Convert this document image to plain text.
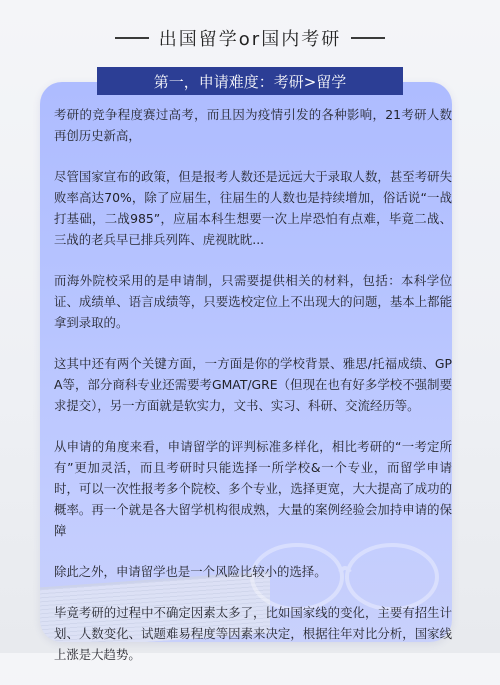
出国留学or国内考研
第一，申请难度：考研>留学

考研的竞争程度赛过高考，而且因为疫情引发的各种影响，21考研人数再创历史新高，

尽管国家宣布的政策，但是报考人数还是远远大于录取人数，甚至考研失败率高达70%，除了应届生，往届生的人数也是持续增加，俗话说“一战打基础，二战985”，应届本科生想要一次上岸恐怕有点难，毕竟二战、三战的老兵早已排兵列阵、虎视眈眈...

而海外院校采用的是申请制，只需要提供相关的材料，包括：本科学位证、成绩单、语言成绩等，只要选校定位上不出现大的问题，基本上都能拿到录取的。

这其中还有两个关键方面，一方面是你的学校背景、雅思/托福成绩、GPA等，部分商科专业还需要考GMAT/GRE（但现在也有好多学校不强制要求提交），另一方面就是软实力，文书、实习、科研、交流经历等。

从申请的角度来看，申请留学的评判标准多样化，相比考研的“一考定所有”更加灵活，而且考研时只能选择一所学校&一个专业，而留学申请时，可以一次性报考多个院校、多个专业，选择更宽，大大提高了成功的概率。再一个就是各大留学机构很成熟，大量的案例经验会加持申请的保障

除此之外，申请留学也是一个风险比较小的选择。

毕竟考研的过程中不确定因素太多了，比如国家线的变化，主要有招生计划、人数变化、试题难易程度等因素来决定，根据往年对比分析，国家线上涨是大趋势。
